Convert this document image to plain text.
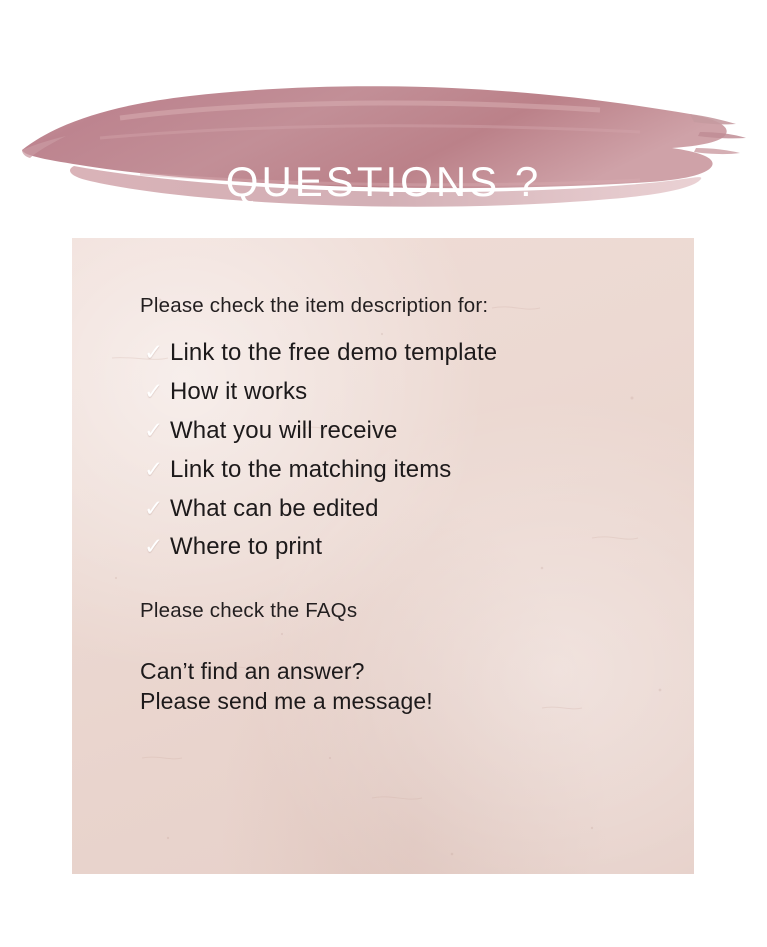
QUESTIONS ?

Please check the item description for:

✓ Link to the free demo template
✓ How it works
✓ What you will receive
✓ Link to the matching items
✓ What can be edited
✓ Where to print

Please check the FAQs

Can’t find an answer?
Please send me a message!
